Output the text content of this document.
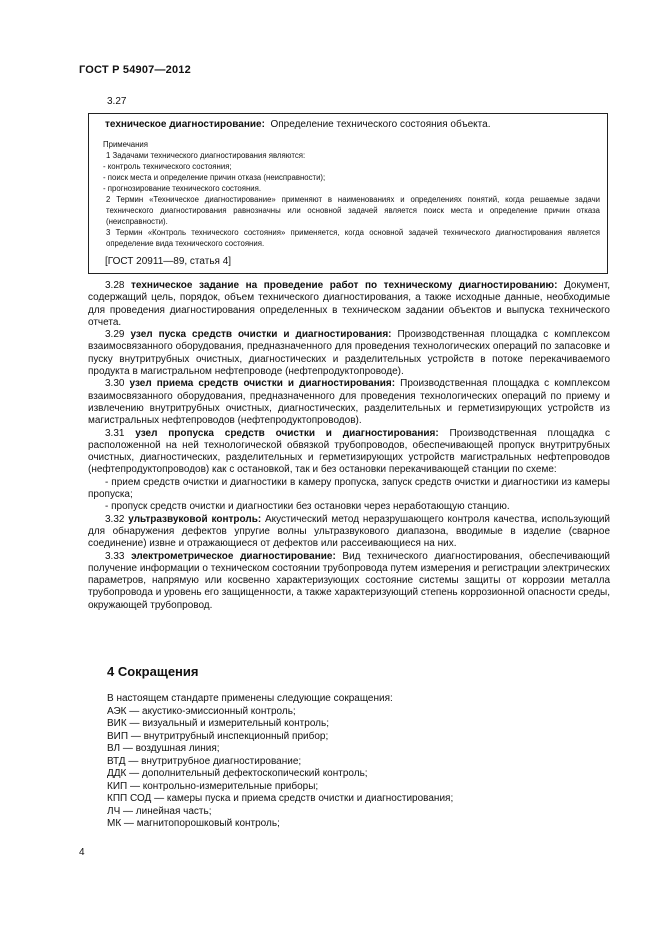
ГОСТ Р 54907—2012
3.27
техническое диагностирование: Определение технического состояния объекта.
Примечания
1 Задачами технического диагностирования являются:
- контроль технического состояния;
- поиск места и определение причин отказа (неисправности);
- прогнозирование технического состояния.
2 Термин «Техническое диагностирование» применяют в наименованиях и определениях понятий, когда решаемые задачи технического диагностирования равнозначны или основной задачей является поиск места и определение причин отказа (неисправности).
3 Термин «Контроль технического состояния» применяется, когда основной задачей технического диагностирования является определение вида технического состояния.
[ГОСТ 20911—89, статья 4]

3.28 техническое задание на проведение работ по техническому диагностированию: Документ, содержащий цель, порядок, объем технического диагностирования, а также исходные данные, необходимые для проведения диагностирования определенных в техническом задании объектов и выпуска технического отчета.

3.29 узел пуска средств очистки и диагностирования: Производственная площадка с комплексом взаимосвязанного оборудования, предназначенного для проведения технологических операций по запасовке и пуску внутритрубных очистных, диагностических и разделительных устройств в потоке перекачиваемого продукта в магистральном нефтепроводе (нефтепродуктопроводе).

3.30 узел приема средств очистки и диагностирования: Производственная площадка с комплексом взаимосвязанного оборудования, предназначенного для проведения технологических операций по приему и извлечению внутритрубных очистных, диагностических, разделительных и герметизирующих устройств из магистральных нефтепроводов (нефтепродуктопроводов).

3.31 узел пропуска средств очистки и диагностирования: Производственная площадка с расположенной на ней технологической обвязкой трубопроводов, обеспечивающей пропуск внутритрубных очистных, диагностических, разделительных и герметизирующих устройств магистральных нефтепроводов (нефтепродуктопроводов) как с остановкой, так и без остановки перекачивающей станции по схеме:

- прием средств очистки и диагностики в камеру пропуска, запуск средств очистки и диагностики из камеры пропуска;

- пропуск средств очистки и диагностики без остановки через неработающую станцию.

3.32 ультразвуковой контроль: Акустический метод неразрушающего контроля качества, использующий для обнаружения дефектов упругие волны ультразвукового диапазона, вводимые в изделие (сварное соединение) извне и отражающиеся от дефектов или рассеивающиеся на них.

3.33 электрометрическое диагностирование: Вид технического диагностирования, обеспечивающий получение информации о техническом состоянии трубопровода путем измерения и регистрации электрических параметров, напрямую или косвенно характеризующих состояние системы защиты от коррозии металла трубопровода и уровень его защищенности, а также характеризующий степень коррозионной опасности среды, окружающей трубопровод.

4 Сокращения
В настоящем стандарте применены следующие сокращения:
АЭК — акустико-эмиссионный контроль;
ВИК — визуальный и измерительный контроль;
ВИП — внутритрубный инспекционный прибор;
ВЛ — воздушная линия;
ВТД — внутритрубное диагностирование;
ДДК — дополнительный дефектоскопический контроль;
КИП — контрольно-измерительные приборы;
КПП СОД — камеры пуска и приема средств очистки и диагностирования;
ЛЧ — линейная часть;
МК — магнитопорошковый контроль;
4
